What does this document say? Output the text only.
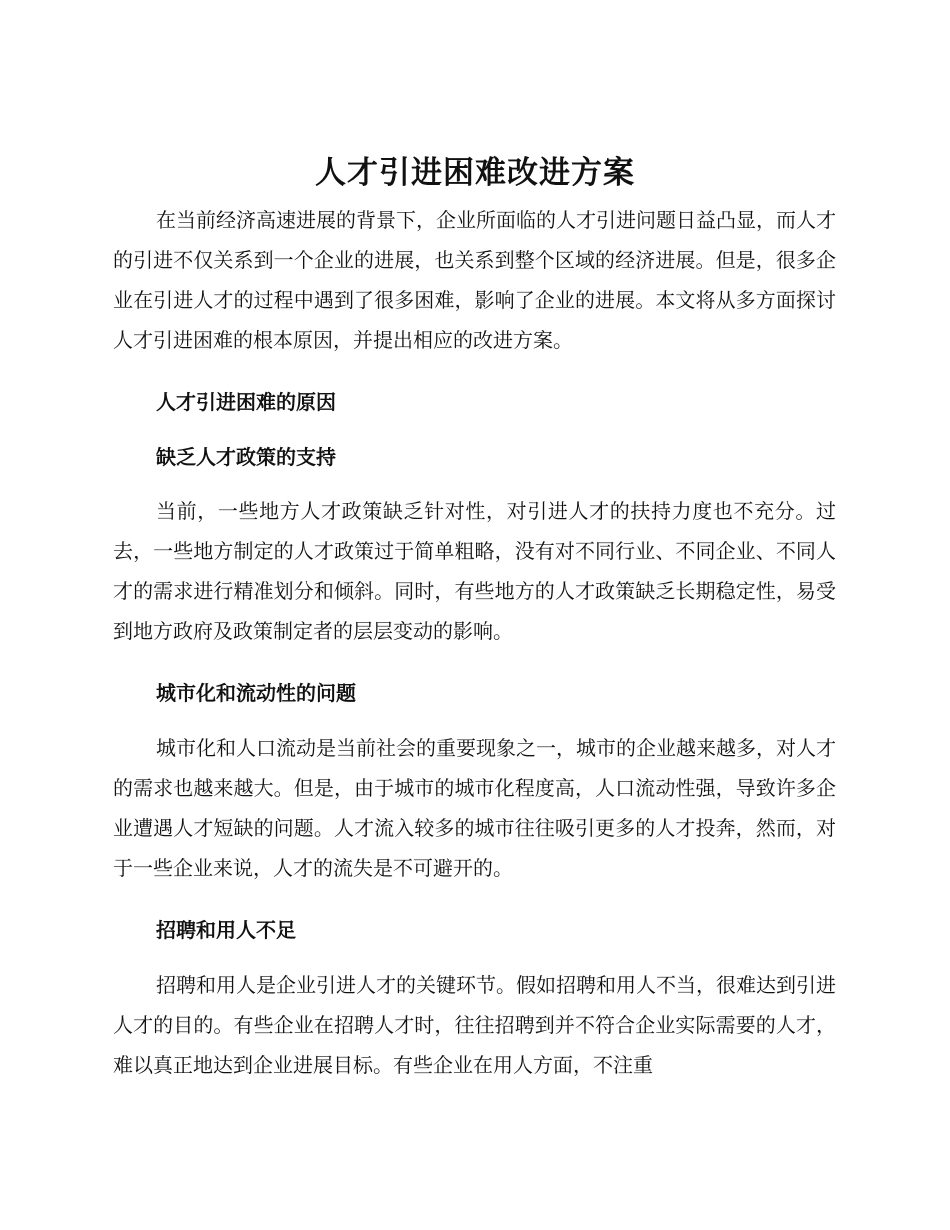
人才引进困难改进方案

在当前经济高速进展的背景下，企业所面临的人才引进问题日益凸显，而人才的引进不仅关系到一个企业的进展，也关系到整个区域的经济进展。但是，很多企业在引进人才的过程中遇到了很多困难，影响了企业的进展。本文将从多方面探讨人才引进困难的根本原因，并提出相应的改进方案。

人才引进困难的原因
缺乏人才政策的支持

当前，一些地方人才政策缺乏针对性，对引进人才的扶持力度也不充分。过去，一些地方制定的人才政策过于简单粗略，没有对不同行业、不同企业、不同人才的需求进行精准划分和倾斜。同时，有些地方的人才政策缺乏长期稳定性，易受到地方政府及政策制定者的层层变动的影响。

城市化和流动性的问题

城市化和人口流动是当前社会的重要现象之一，城市的企业越来越多，对人才的需求也越来越大。但是，由于城市的城市化程度高，人口流动性强，导致许多企业遭遇人才短缺的问题。人才流入较多的城市往往吸引更多的人才投奔，然而，对于一些企业来说，人才的流失是不可避开的。

招聘和用人不足

招聘和用人是企业引进人才的关键环节。假如招聘和用人不当，很难达到引进人才的目的。有些企业在招聘人才时，往往招聘到并不符合企业实际需要的人才，难以真正地达到企业进展目标。有些企业在用人方面，不注重
